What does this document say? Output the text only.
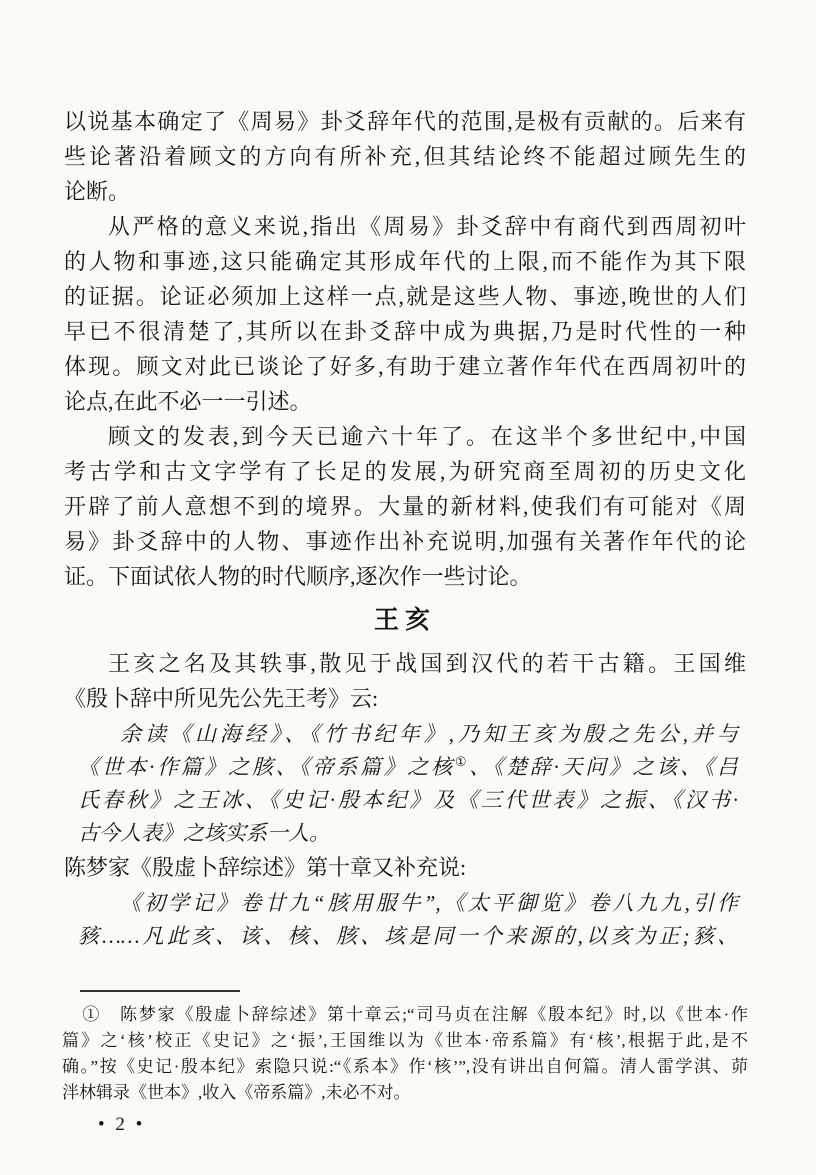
以说基本确定了《周易》卦爻辞年代的范围,是极有贡献的。后来有
些论著沿着顾文的方向有所补充,但其结论终不能超过顾先生的
论断。
从严格的意义来说,指出《周易》卦爻辞中有商代到西周初叶
的人物和事迹,这只能确定其形成年代的上限,而不能作为其下限
的证据。论证必须加上这样一点,就是这些人物、事迹,晚世的人们
早已不很清楚了,其所以在卦爻辞中成为典据,乃是时代性的一种
体现。顾文对此已谈论了好多,有助于建立著作年代在西周初叶的
论点,在此不必一一引述。
顾文的发表,到今天已逾六十年了。在这半个多世纪中,中国
考古学和古文字学有了长足的发展,为研究商至周初的历史文化
开辟了前人意想不到的境界。大量的新材料,使我们有可能对《周
易》卦爻辞中的人物、事迹作出补充说明,加强有关著作年代的论
证。下面试依人物的时代顺序,逐次作一些讨论。
王亥
王亥之名及其轶事,散见于战国到汉代的若干古籍。王国维
《殷卜辞中所见先公先王考》云:
余读《山海经》、《竹书纪年》,乃知王亥为殷之先公,并与
《世本·作篇》之胲、《帝系篇》之核①、《楚辞·天问》之该、《吕
氏春秋》之王冰、《史记·殷本纪》及《三代世表》之振、《汉书·
古今人表》之垓实系一人。
陈梦家《殷虚卜辞综述》第十章又补充说:
《初学记》卷廿九“胲用服牛”,《太平御览》卷八九九,引作
豥……凡此亥、该、核、胲、垓是同一个来源的,以亥为正;豥、
①　陈梦家《殷虚卜辞综述》第十章云;“司马贞在注解《殷本纪》时,以《世本·作
篇》之‘核’校正《史记》之‘振’,王国维以为《世本·帝系篇》有‘核’,根据于此,是不
确。”按《史记·殷本纪》索隐只说:“《系本》作‘核’”,没有讲出自何篇。清人雷学淇、茆
泮林辑录《世本》,收入《帝系篇》,未必不对。
• 2 •
